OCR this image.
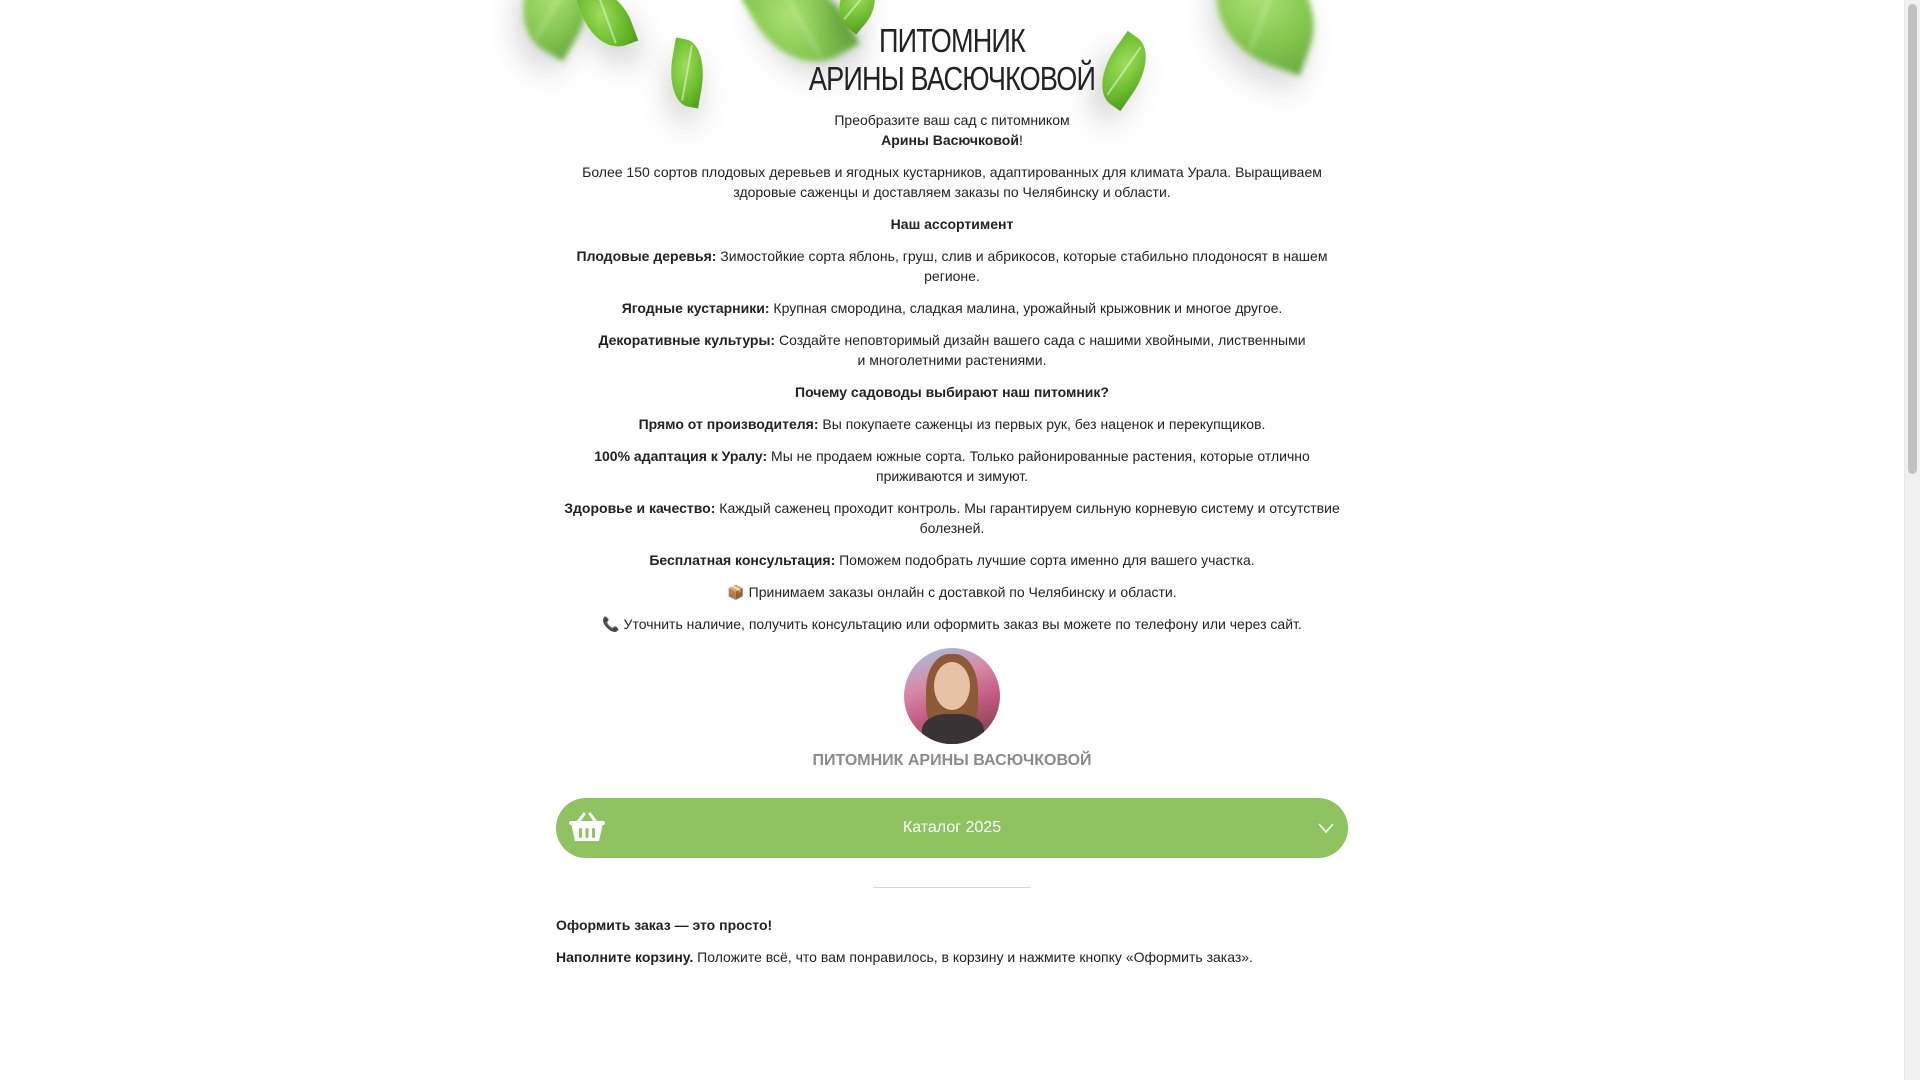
ПИТОМНИК
АРИНЫ ВАСЮЧКОВОЙ

Преобразите ваш сад с питомником
Арины Васючковой!

Более 150 сортов плодовых деревьев и ягодных кустарников, адаптированных для климата Урала. Выращиваем здоровые саженцы и доставляем заказы по Челябинску и области.

Наш ассортимент

Плодовые деревья: Зимостойкие сорта яблонь, груш, слив и абрикосов, которые стабильно плодоносят в нашем регионе.

Ягодные кустарники: Крупная смородина, сладкая малина, урожайный крыжовник и многое другое.

Декоративные культуры: Создайте неповторимый дизайн вашего сада с нашими хвойными, лиственными и многолетними растениями.

Почему садоводы выбирают наш питомник?

Прямо от производителя: Вы покупаете саженцы из первых рук, без наценок и перекупщиков.

100% адаптация к Уралу: Мы не продаем южные сорта. Только районированные растения, которые отлично приживаются и зимуют.

Здоровье и качество: Каждый саженец проходит контроль. Мы гарантируем сильную корневую систему и отсутствие болезней.

Бесплатная консультация: Поможем подобрать лучшие сорта именно для вашего участка.

📦 Принимаем заказы онлайн с доставкой по Челябинску и области.

📞 Уточнить наличие, получить консультацию или оформить заказ вы можете по телефону или через сайт.

ПИТОМНИК АРИНЫ ВАСЮЧКОВОЙ

Каталог 2025

Оформить заказ — это просто!

Наполните корзину. Положите всё, что вам понравилось, в корзину и нажмите кнопку «Оформить заказ».
